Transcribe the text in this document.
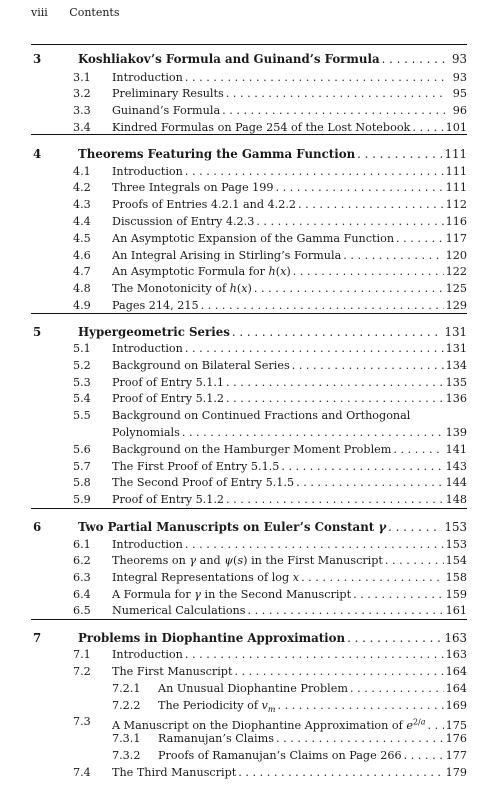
viii Contents
3	Koshliakov’s Formula and Guinand’s Formula . . .	93
3.1 Introduction . . .	93
3.2 Preliminary Results . . .	95
3.3 Guinand’s Formula . . .	96
3.4 Kindred Formulas on Page 254 of the Lost Notebook . . .	101
4	Theorems Featuring the Gamma Function . . .	111
4.1 Introduction . . .	111
4.2 Three Integrals on Page 199 . . .	111
4.3 Proofs of Entries 4.2.1 and 4.2.2 . . .	112
4.4 Discussion of Entry 4.2.3 . . .	116
4.5 An Asymptotic Expansion of the Gamma Function . . .	117
4.6 An Integral Arising in Stirling’s Formula . . .	120
4.7 An Asymptotic Formula for h(x) . . .	122
4.8 The Monotonicity of h(x) . . .	125
4.9 Pages 214, 215 . . .	129
5	Hypergeometric Series . . .	131
5.1 Introduction . . .	131
5.2 Background on Bilateral Series . . .	134
5.3 Proof of Entry 5.1.1 . . .	135
5.4 Proof of Entry 5.1.2 . . .	136
5.5 Background on Continued Fractions and Orthogonal
Polynomials . . .	139
5.6 Background on the Hamburger Moment Problem . . .	141
5.7 The First Proof of Entry 5.1.5 . . .	143
5.8 The Second Proof of Entry 5.1.5 . . .	144
5.9 Proof of Entry 5.1.2 . . .	148
6	Two Partial Manuscripts on Euler’s Constant γ . . .	153
6.1 Introduction . . .	153
6.2 Theorems on γ and ψ(s) in the First Manuscript . . .	154
6.3 Integral Representations of log x . . .	158
6.4 A Formula for γ in the Second Manuscript . . .	159
6.5 Numerical Calculations . . .	161
7	Problems in Diophantine Approximation . . .	163
7.1 Introduction . . .	163
7.2 The First Manuscript . . .	164
7.2.1 An Unusual Diophantine Problem . . .	164
7.2.2 The Periodicity of $v_m$ . . .	169
7.3 A Manuscript on the Diophantine Approximation of $e^{2/a}$ . . . 175
7.3.1 Ramanujan’s Claims . . .	176
7.3.2 Proofs of Ramanujan’s Claims on Page 266 . . .	177
7.4 The Third Manuscript . . .	179
